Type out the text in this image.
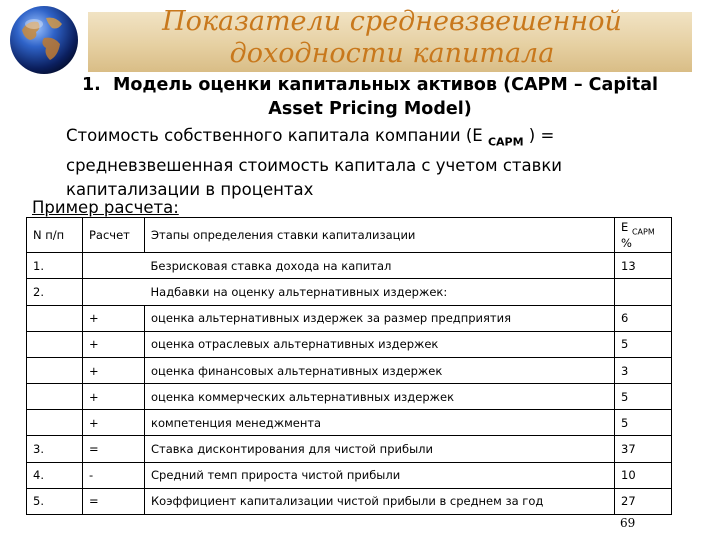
Показатели средневзвешенной доходности капитала

1. Модель оценки капитальных активов (CAPM – Capital Asset Pricing Model)

Стоимость собственного капитала компании (Е $_{CAPM}$ ) = средневзвешенная стоимость капитала с учетом ставки капитализации в процентах

Пример расчета:

N п/п	Расчет	Этапы определения ставки капитализации	E $_{CAPM}$ %
1.		Безрисковая ставка дохода на капитал	13
2.		Надбавки на оценку альтернативных издержек:	
	+	оценка альтернативных издержек за размер предприятия	6
	+	оценка отраслевых альтернативных издержек	5
	+	оценка финансовых альтернативных издержек	3
	+	оценка коммерческих альтернативных издержек	5
	+	компетенция менеджмента	5
3.	=	Ставка дисконтирования для чистой прибыли	37
4.	-	Средний темп прироста чистой прибыли	10
5.	=	Коэффициент капитализации чистой прибыли в среднем за год	27
69
